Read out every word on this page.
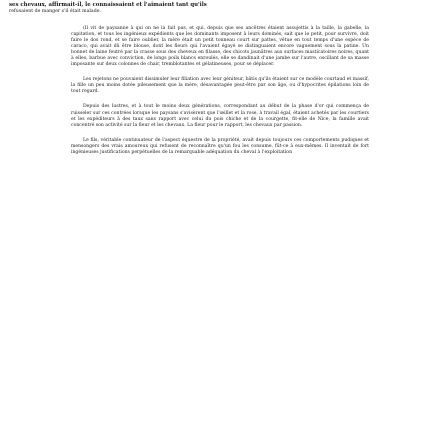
ses chevaux, affirmait-il, le connaissaient et l'aimaient tant qu'ils

refusaient de manger s'il était malade.

(Il vit de paysanne à qui on ne la fait pas, et qui, depuis que ses ancêtres étaient assujettis à la taille, la gabelle, la capitation, et tous les ingénieux expédients que les dominants imposent à leurs dominés, sait que le petit, pour survivre, doit faire le dos rond, et se faire oublier, la mère était un petit tonneau court sur pattes, vêtue en tout temps d'une espèce de caraco, qui avait dû être blouse, dont les fleurs qui l'avaient égayé se distinguaient encore vaguement sous la patine. Un bonnet de laine feutré par la crasse sous des cheveux en filasse, des chicots jaunâtres aux surfaces masticatoires noires, quant à elles, barbue avec conviction, de longs poils blancs enroulés, elle se dandinait d'une jambe sur l'autre, oscillant de sa masse imposante sur deux colonnes de chair, tremblotantes et gélatineuses, pour se déplacer.

Les rejetons ne pouvaient dissimuler leur filiation avec leur géniteur, bâtis qu'ils étaient sur ce modèle courtaud et massif, la fille un peu moins dotée pileusement que la mère, désavantagée peut-être par son âge, ou d'hypocrites épilations loin de tout regard.

Depuis des lustres, et à tout le moins deux générations, correspondant au début de la phase d'or qui commença de ruisseler sur ces contrées lorsque les paysans s'avisèrent que l'œillet et la rose, à travail égal, étaient achetés par les courtiers et les expéditeurs à des taux sans rapport avec celui du pois chiche et de la courgette, fit-elle de Nice, la famille avait concentré son activité sur la fleur et les chevaux. La fleur pour le rapport, les chevaux par passion.

Le fils, véritable continuateur de l'aspect équestre de la propriété, avait depuis toujours ces comportements pudiques et mensongers des vrais amoureux qui refusent de reconnaître qu'un fou les consume, fût-ce à eux-mêmes. Il inventait de fort ingénieuses justifications perpétuelles de la remarquable adéquation du cheval à l'exploitation
